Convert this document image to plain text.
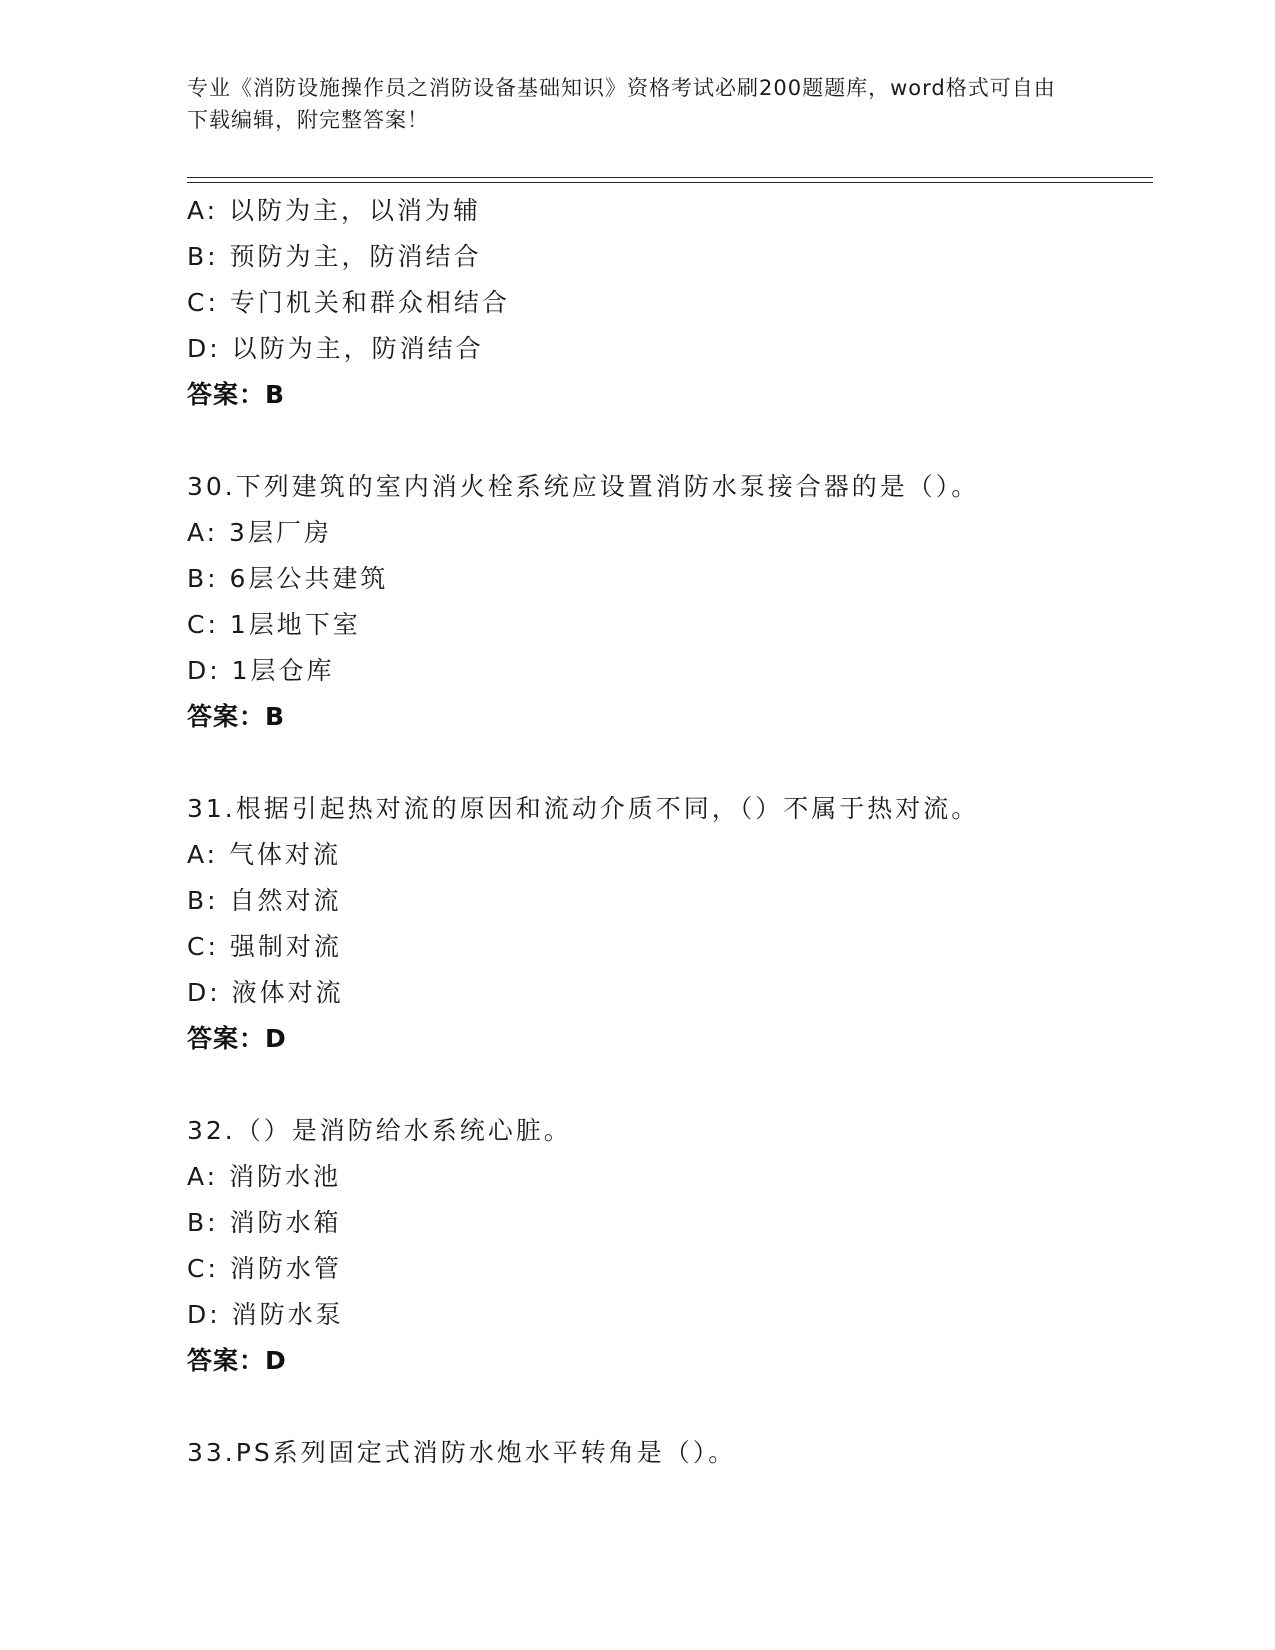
专业《消防设施操作员之消防设备基础知识》资格考试必刷200题题库，word格式可自由下载编辑，附完整答案！
A: 以防为主，以消为辅
B: 预防为主，防消结合
C: 专门机关和群众相结合
D: 以防为主，防消结合
答案：B
30.下列建筑的室内消火栓系统应设置消防水泵接合器的是（）。
A: 3层厂房
B: 6层公共建筑
C: 1层地下室
D: 1层仓库
答案：B
31.根据引起热对流的原因和流动介质不同，（）不属于热对流。
A: 气体对流
B: 自然对流
C: 强制对流
D: 液体对流
答案：D
32.（）是消防给水系统心脏。
A: 消防水池
B: 消防水箱
C: 消防水管
D: 消防水泵
答案：D
33.PS系列固定式消防水炮水平转角是（）。
